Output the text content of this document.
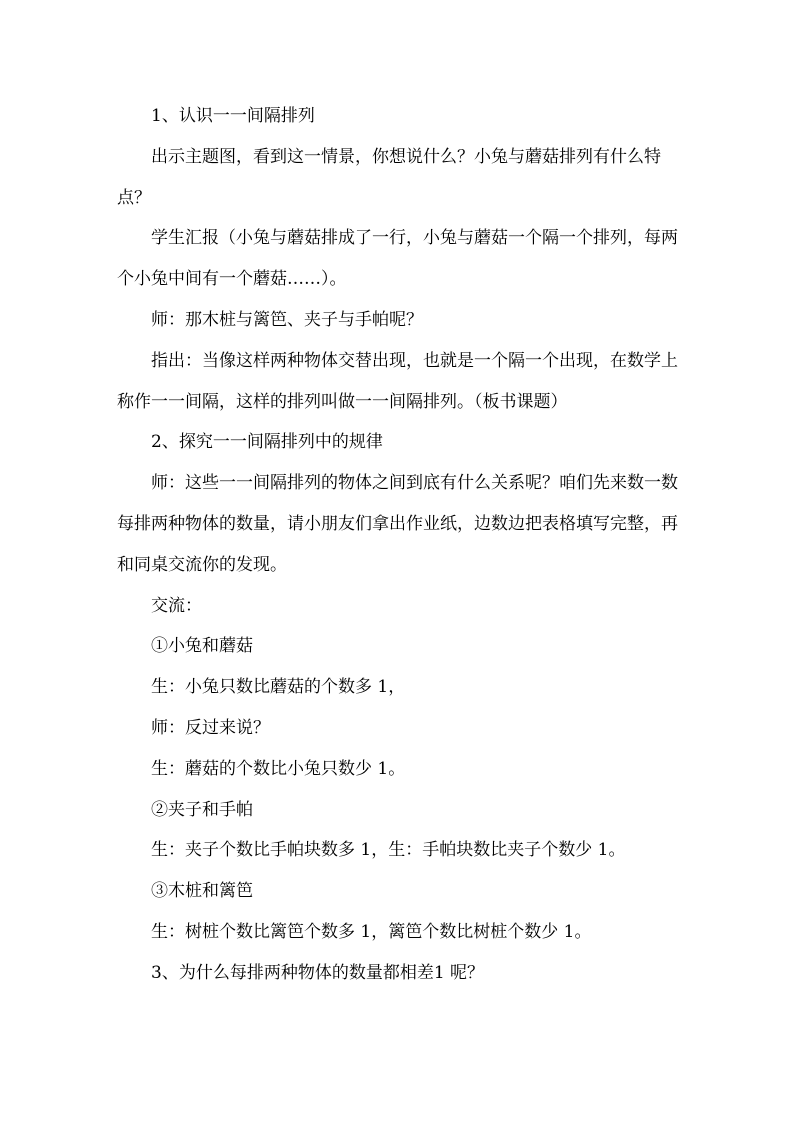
1、认识一一间隔排列

出示主题图，看到这一情景，你想说什么？小兔与蘑菇排列有什么特点？

学生汇报（小兔与蘑菇排成了一行，小兔与蘑菇一个隔一个排列，每两个小兔中间有一个蘑菇……）。

师：那木桩与篱笆、夹子与手帕呢？

指出：当像这样两种物体交替出现，也就是一个隔一个出现，在数学上称作一一间隔，这样的排列叫做一一间隔排列。（板书课题）

2、探究一一间隔排列中的规律

师：这些一一间隔排列的物体之间到底有什么关系呢？咱们先来数一数每排两种物体的数量，请小朋友们拿出作业纸，边数边把表格填写完整，再和同桌交流你的发现。

交流：

①小兔和蘑菇

生：小兔只数比蘑菇的个数多 1，

师：反过来说？

生：蘑菇的个数比小兔只数少 1。

②夹子和手帕

生：夹子个数比手帕块数多 1，生：手帕块数比夹子个数少 1。

③木桩和篱笆

生：树桩个数比篱笆个数多 1，篱笆个数比树桩个数少 1。

3、为什么每排两种物体的数量都相差1 呢？
